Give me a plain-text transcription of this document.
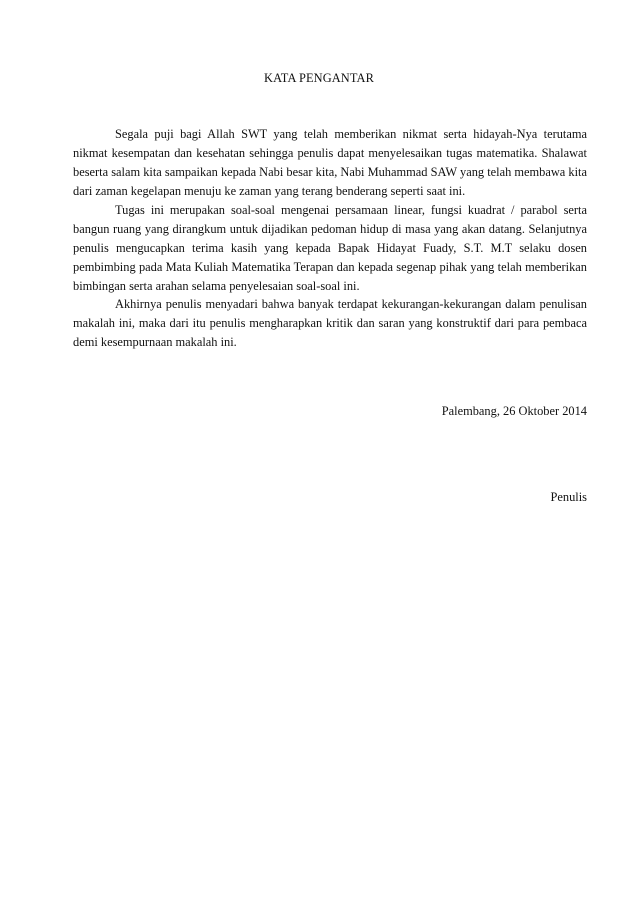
KATA PENGANTAR

Segala puji bagi Allah SWT yang telah memberikan nikmat serta hidayah-Nya terutama nikmat kesempatan dan kesehatan sehingga penulis dapat menyelesaikan tugas matematika. Shalawat beserta salam kita sampaikan kepada Nabi besar kita, Nabi Muhammad SAW yang telah membawa kita dari zaman kegelapan menuju ke zaman yang terang benderang seperti saat ini.

Tugas ini merupakan soal-soal mengenai persamaan linear, fungsi kuadrat / parabol serta bangun ruang yang dirangkum untuk dijadikan pedoman hidup di masa yang akan datang. Selanjutnya penulis mengucapkan terima kasih yang kepada Bapak Hidayat Fuady, S.T. M.T selaku dosen pembimbing pada Mata Kuliah Matematika Terapan dan kepada segenap pihak yang telah memberikan bimbingan serta arahan selama penyelesaian soal-soal ini.

Akhirnya penulis menyadari bahwa banyak terdapat kekurangan-kekurangan dalam penulisan makalah ini, maka dari itu penulis mengharapkan kritik dan saran yang konstruktif dari para pembaca demi kesempurnaan makalah ini.

Palembang, 26 Oktober 2014
Penulis
